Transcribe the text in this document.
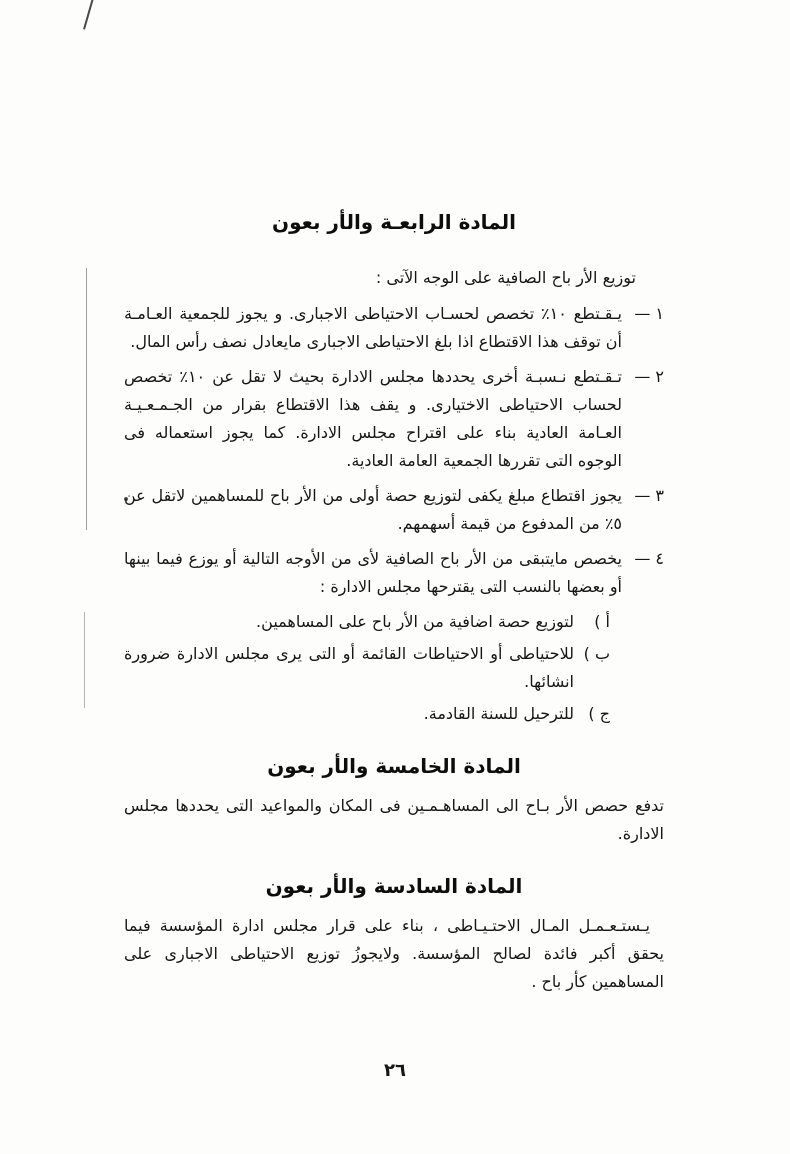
المادة الرابعـة والأر بعون

توزيع الأر باح الصافية على الوجه الآتى :

١ —
يـقـتطع ١٠٪ تخصص لحسـاب الاحتياطى الاجبارى. و يجوز للجمعية العـامـة أن توقف هذا الاقتطاع اذا بلغ الاحتياطى الاجبارى مايعادل نصف رأس المال.
٢ —
تـقـتطع نـسبـة أخرى يحددها مجلس الادارة بحيث لا تقل عن ١٠٪ تخصص لحساب الاحتياطى الاختيارى. و يقف هذا الاقتطاع بقرار من الجـمـعـيـة العـامة العادية بناء على اقتراح مجلس الادارة. كما يجوز استعماله فى الوجوه التى تقررها الجمعية العامة العادية.
٣ —
يجوز اقتطاع مبلغ يكفى لتوزيع حصة أولى من الأر باح للمساهمين لاتقل عن ٥٪ من المدفوع من قيمة أسهمهم.
٤ —
يخصص مايتبقى من الأر باح الصافية لأى من الأوجه التالية أو يوزع فيما بينها أو بعضها بالنسب التى يقترحها مجلس الادارة :
أ )
لتوزيع حصة اضافية من الأر باح على المساهمين.
ب )
للاحتياطى أو الاحتياطات القائمة أو التى يرى مجلس الادارة ضرورة انشائها.
ج )
للترحيل للسنة القادمة.
المادة الخامسة والأر بعون

تدفع حصص الأر بـاح الى المساهـمـين فى المكان والمواعيد التى يحددها مجلس الادارة.

المادة السادسة والأر بعون

يـستـعـمـل المـال الاحتـيـاطى ، بناء على قرار مجلس ادارة المؤسسة فيما يحقق أكبر فائدة لصالح المؤسسة. ولايجوزُ توزيع الاحتياطى الاجبارى على المساهمين كأر باح .

٢٦
